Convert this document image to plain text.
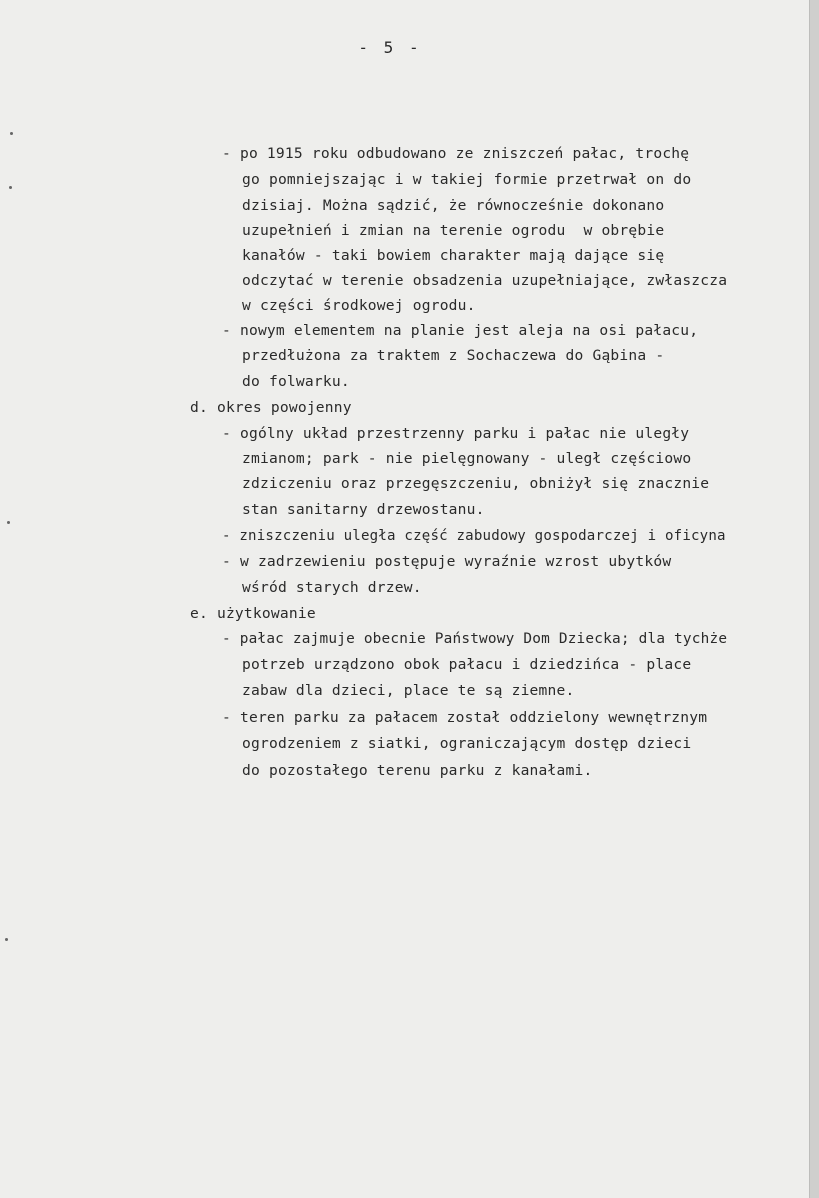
- 5 -
- po 1915 roku odbudowano ze zniszczeń pałac, trochę
go pomniejszając i w takiej formie przetrwał on do
dzisiaj. Można sądzić, że równocześnie dokonano
uzupełnień i zmian na terenie ogrodu  w obrębie
kanałów - taki bowiem charakter mają dające się
odczytać w terenie obsadzenia uzupełniające, zwłaszcza
w części środkowej ogrodu.
- nowym elementem na planie jest aleja na osi pałacu,
przedłużona za traktem z Sochaczewa do Gąbina -
do folwarku.
d. okres powojenny
- ogólny układ przestrzenny parku i pałac nie uległy
zmianom; park - nie pielęgnowany - uległ częściowo
zdziczeniu oraz przegęszczeniu, obniżył się znacznie
stan sanitarny drzewostanu.
- zniszczeniu uległa część zabudowy gospodarczej i oficyna
- w zadrzewieniu postępuje wyraźnie wzrost ubytków
wśród starych drzew.
e. użytkowanie
- pałac zajmuje obecnie Państwowy Dom Dziecka; dla tychże
potrzeb urządzono obok pałacu i dziedzińca - place
zabaw dla dzieci, place te są ziemne.
- teren parku za pałacem został oddzielony wewnętrznym
ogrodzeniem z siatki, ograniczającym dostęp dzieci
do pozostałego terenu parku z kanałami.
